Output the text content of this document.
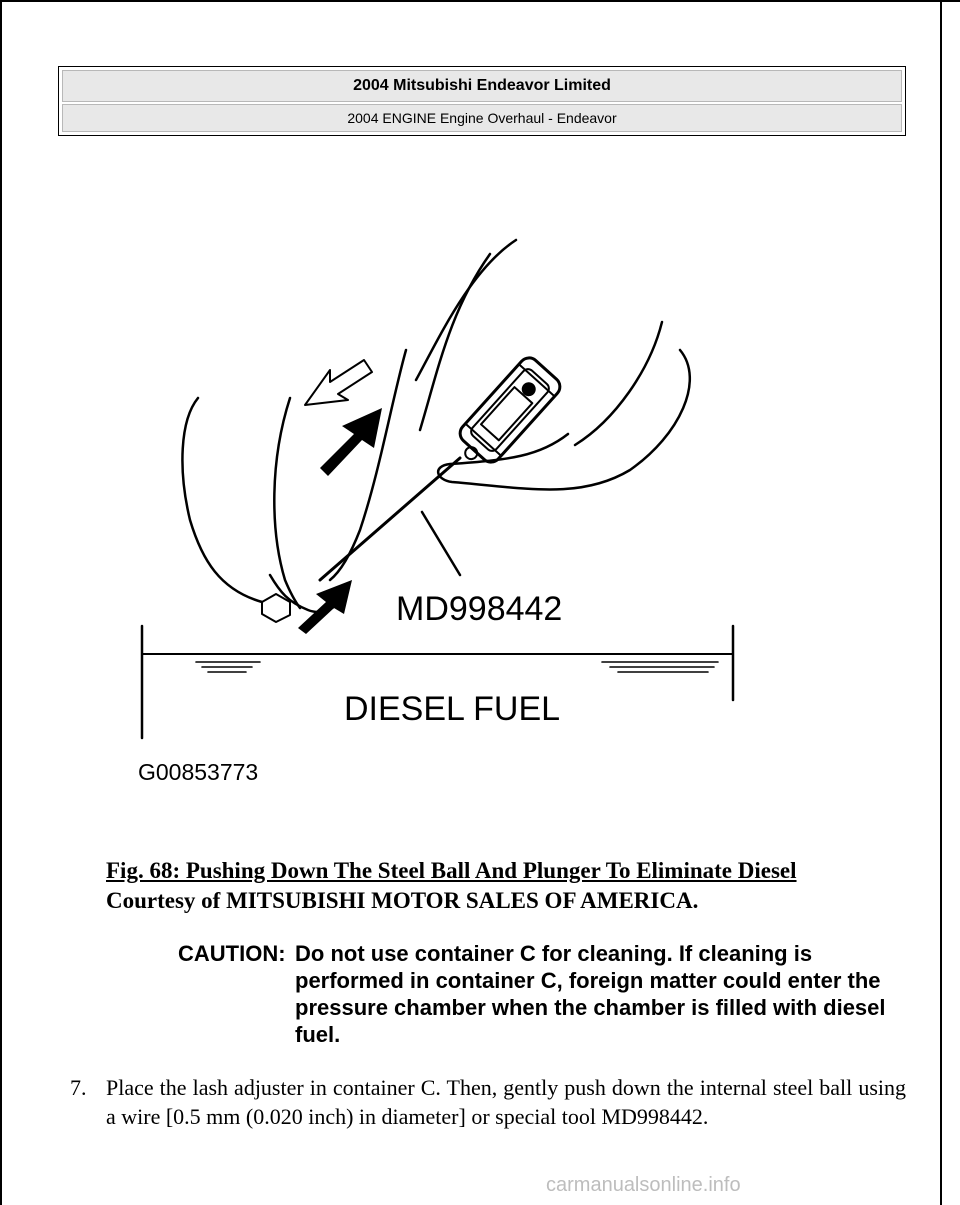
2004 Mitsubishi Endeavor Limited
2004 ENGINE Engine Overhaul - Endeavor
MD998442
DIESEL FUEL
G00853773
Fig. 68: Pushing Down The Steel Ball And Plunger To Eliminate Diesel
Courtesy of MITSUBISHI MOTOR SALES OF AMERICA.
CAUTION: Do not use container C for cleaning. If cleaning is performed in container C, foreign matter could enter the pressure chamber when the chamber is filled with diesel fuel.
7. Place the lash adjuster in container C. Then, gently push down the internal steel ball using a wire [0.5 mm (0.020 inch) in diameter] or special tool MD998442.
carmanualsonline.info
